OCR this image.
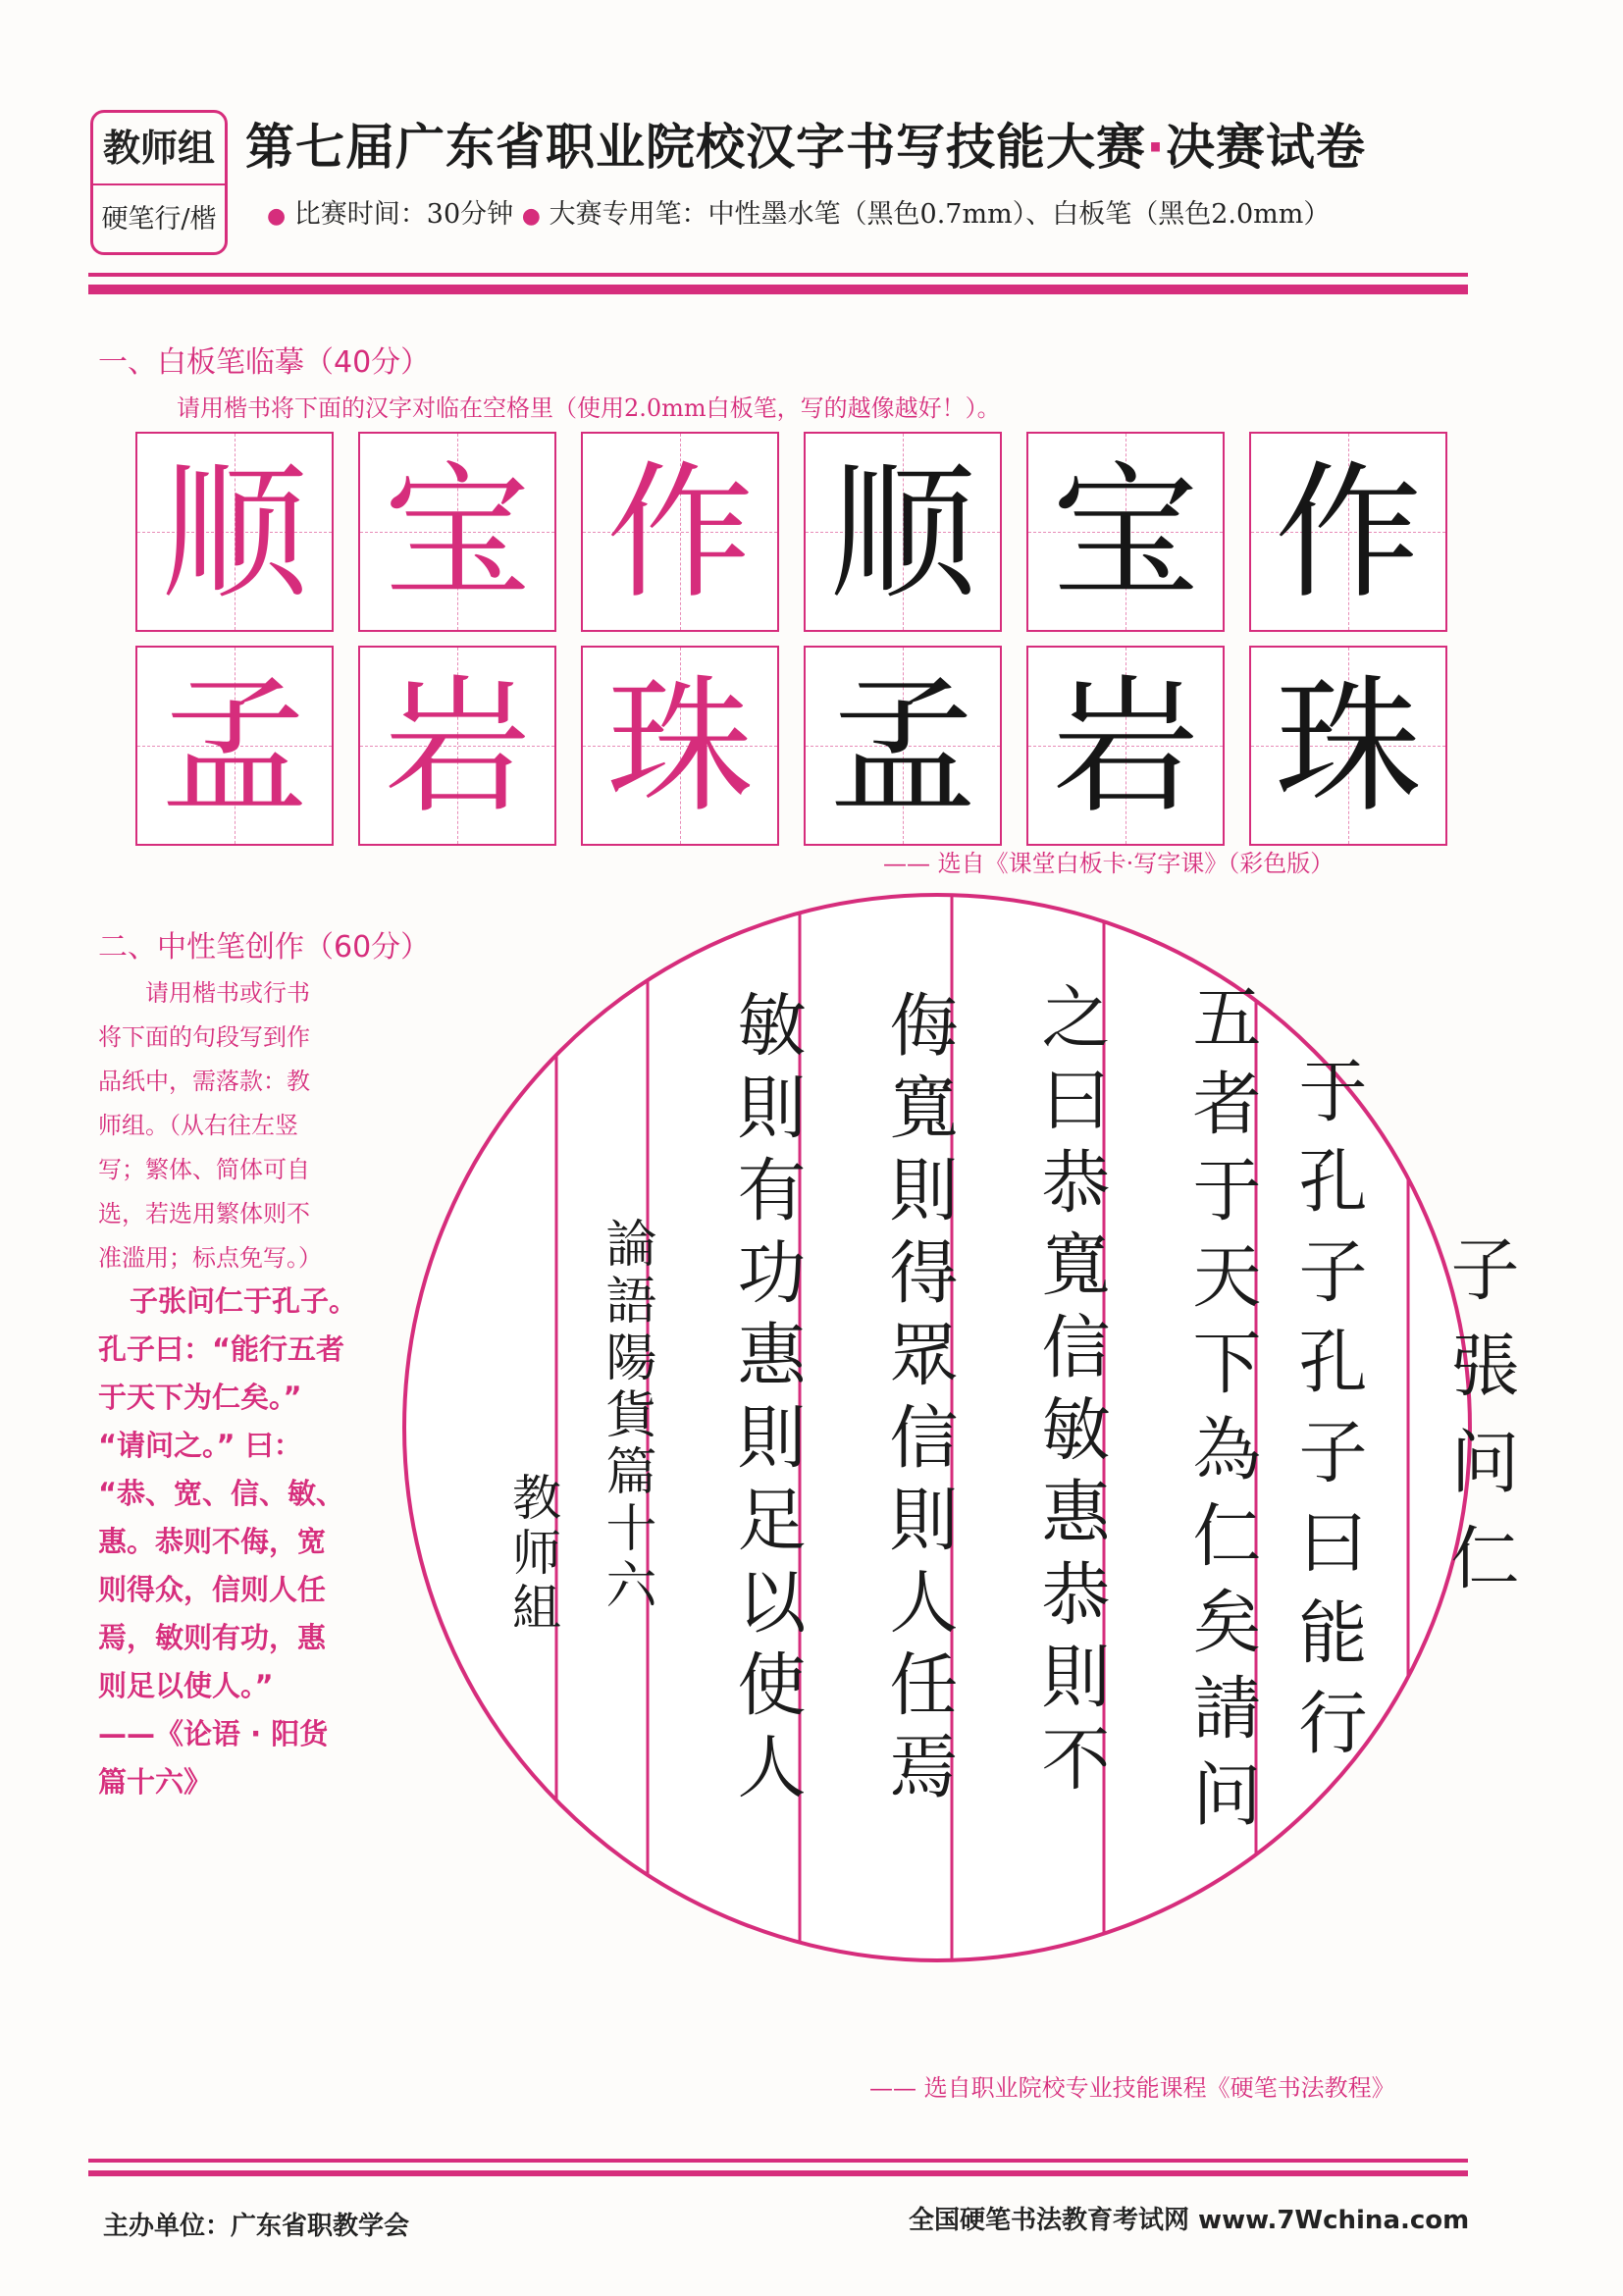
教师组
硬笔行/楷
第七届广东省职业院校汉字书写技能大赛·决赛试卷
● 比赛时间：30分钟 ● 大赛专用笔：中性墨水笔（黑色0.7mm）、白板笔（黑色2.0mm）
一、白板笔临摹（40分）
请用楷书将下面的汉字对临在空格里（使用2.0mm白板笔，写的越像越好！）。
顺 宝 作 顺 宝 作
孟 岩 珠 孟 岩 珠
—— 选自《课堂白板卡·写字课》（彩色版）
二、中性笔创作（60分）
请用楷书或行书
将下面的句段写到作
品纸中，需落款：教
师组。（从右往左竖
写；繁体、简体可自
选，若选用繁体则不
准滥用；标点免写。）
子张问仁于孔子。
孔子曰：“能行五者
于天下为仁矣。”
“请问之。” 曰：
“恭、宽、信、敏、
惠。恭则不侮，宽
则得众，信则人任
焉，敏则有功，惠
则足以使人。”
——《论语 · 阳货
篇十六》
子張问仁
于孔子孔子曰能行
五者于天下為仁矣請问
之曰恭寬信敏惠恭則不
侮寬則得眾信則人任焉
敏則有功惠則足以使人
論語陽貨篇十六
教师組
—— 选自职业院校专业技能课程《硬笔书法教程》
主办单位：广东省职教学会	全国硬笔书法教育考试网 www.7Wchina.com
